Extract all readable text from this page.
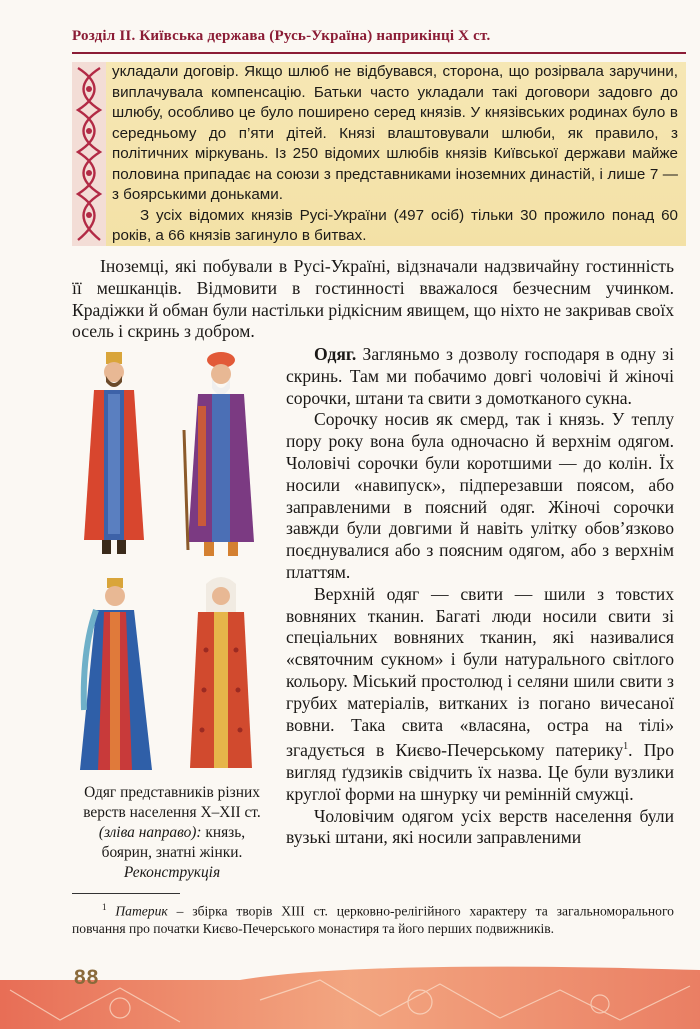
Розділ II. Київська держава (Русь-Україна) наприкінці X ст.

укладали договір. Якщо шлюб не відбувався, сторона, що розірвала заручини, виплачувала компенсацію. Батьки часто укладали такі договори задовго до шлюбу, особливо це було поширено серед князів. У князівських родинах було в середньому до п’яти дітей. Князі влаштовували шлюби, як правило, з політичних міркувань. Із 250 відомих шлюбів князів Київської держави майже половина припадає на союзи з представниками іноземних династій, і лише 7 — з боярськими доньками.

З усіх відомих князів Русі-України (497 осіб) тільки 30 прожило понад 60 років, а 66 князів загинуло в битвах.

Іноземці, які побували в Русі-Україні, відзначали надзвичайну гостинність її мешканців. Відмовити в гостинності вважалося безчесним учинком. Крадіжки й обман були настільки рідкісним явищем, що ніхто не закривав своїх осель і скринь з добром.

Одяг. Загляньмо з дозволу господаря в одну зі скринь. Там ми побачимо довгі чоловічі й жіночі сорочки, штани та свити з домотканого сукна.

Сорочку носив як смерд, так і князь. У теплу пору року вона була одночасно й верхнім одягом. Чоловічі сорочки були коротшими — до колін. Їх носили «навипуск», підперезавши поясом, або заправленими в поясний одяг. Жіночі сорочки завжди були довгими й навіть улітку обов’язково поєднувалися або з поясним одягом, або з верхнім платтям.

Верхній одяг — свити — шили з товстих вовняних тканин. Багаті люди носили свити зі спеціальних вовняних тканин, які називалися «святочним сукном» і були натурального світлого кольору. Міський простолюд і селяни шили свити з грубих матеріалів, витканих із погано вичесаної вовни. Така свита «власяна, остра на тілі» згадується в Києво-Печерському патерику$^1$. Про вигляд ґудзиків свідчить їх назва. Це були вузлики круглої форми на шнурку чи ремінній смужці.

Чоловічим одягом усіх верств населення були вузькі штани, які носили заправленими

Одяг представників різних верств населення X–XII ст. (зліва направо): князь, боярин, знатні жінки. Реконструкція
$^1$ Патерик – збірка творів XIII ст. церковно-релігійного характеру та загальноморального повчання про початки Києво-Печерського монастиря та його перших подвижників.
88
